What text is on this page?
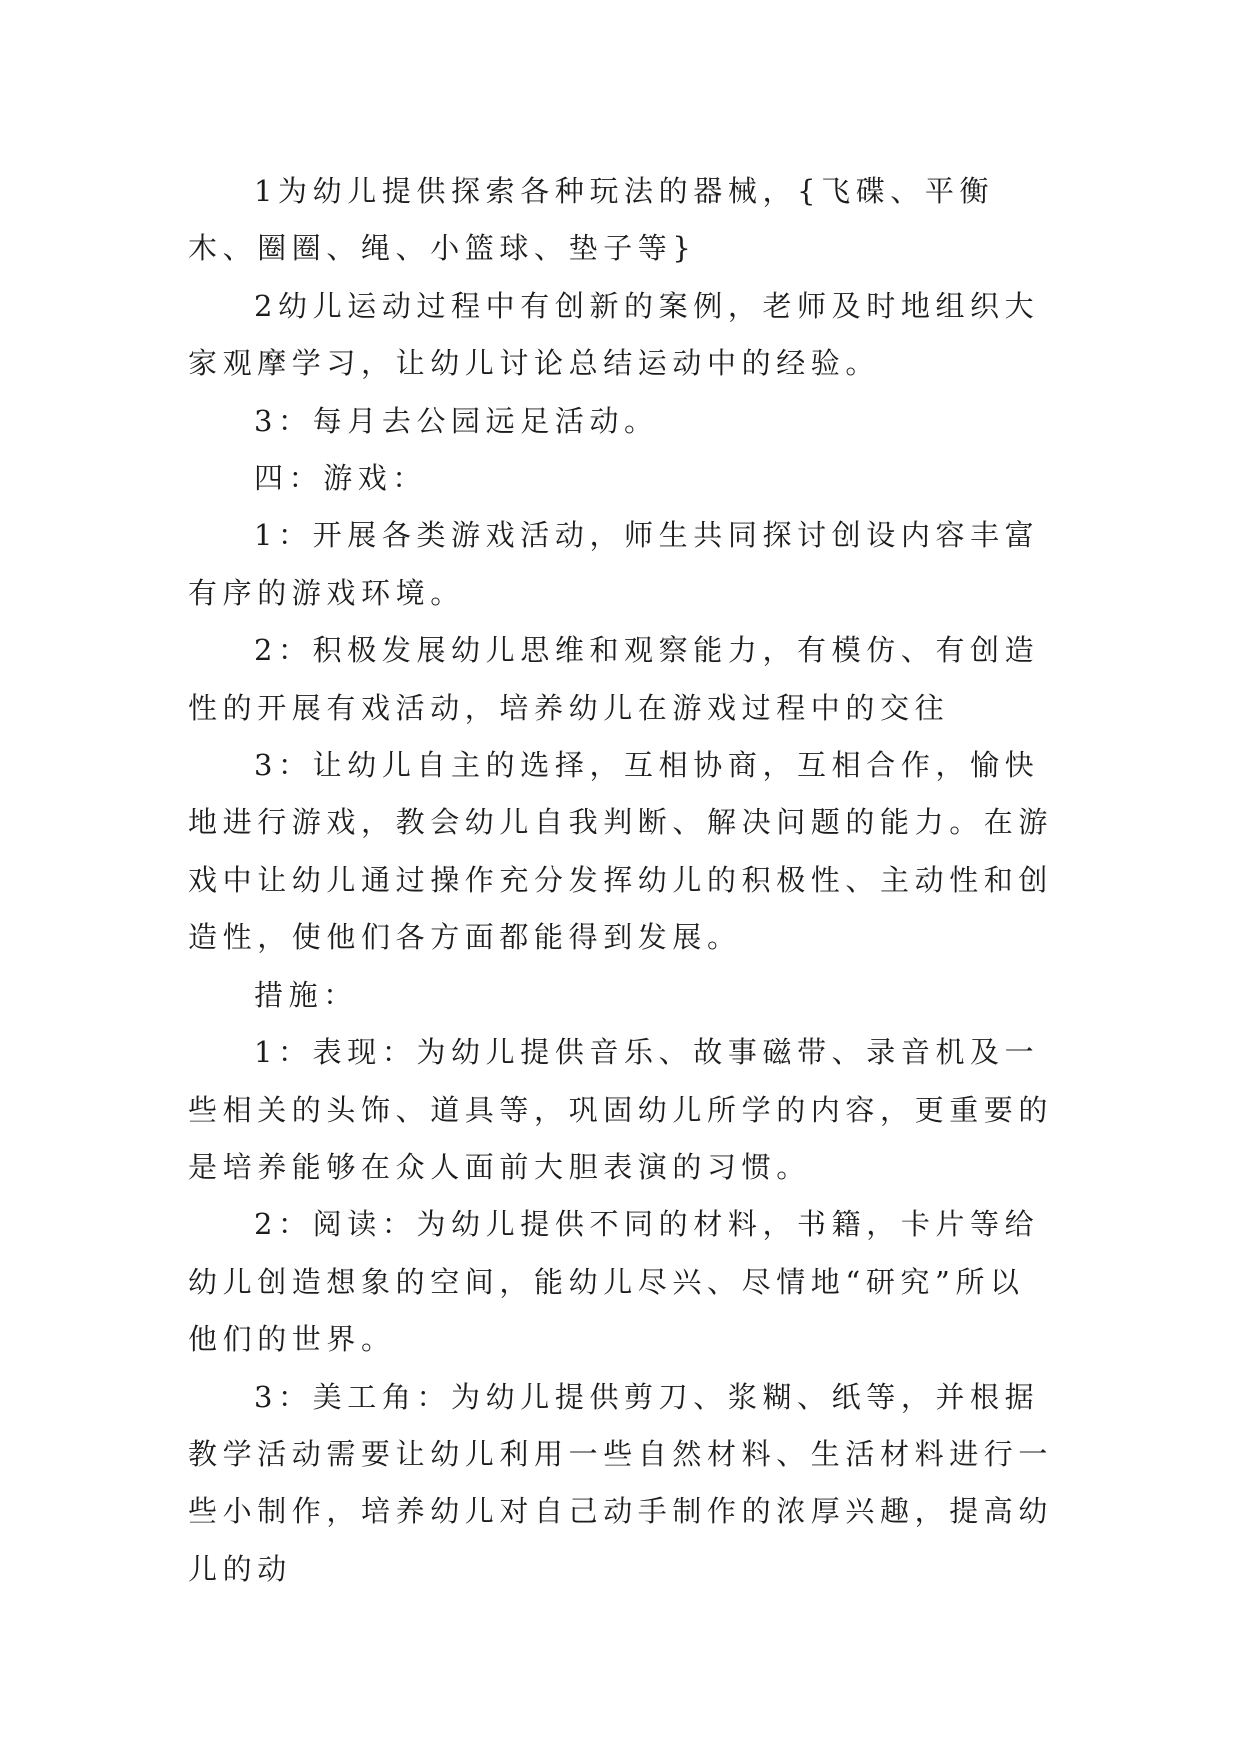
1为幼儿提供探索各种玩法的器械，{飞碟、平衡木、圈圈、绳、小篮球、垫子等}

2幼儿运动过程中有创新的案例，老师及时地组织大家观摩学习，让幼儿讨论总结运动中的经验。

3：每月去公园远足活动。

四：游戏：

1：开展各类游戏活动，师生共同探讨创设内容丰富有序的游戏环境。

2：积极发展幼儿思维和观察能力，有模仿、有创造性的开展有戏活动，培养幼儿在游戏过程中的交往

3：让幼儿自主的选择，互相协商，互相合作，愉快地进行游戏，教会幼儿自我判断、解决问题的能力。在游戏中让幼儿通过操作充分发挥幼儿的积极性、主动性和创造性，使他们各方面都能得到发展。

措施：

1：表现：为幼儿提供音乐、故事磁带、录音机及一些相关的头饰、道具等，巩固幼儿所学的内容，更重要的是培养能够在众人面前大胆表演的习惯。

2：阅读：为幼儿提供不同的材料，书籍，卡片等给幼儿创造想象的空间，能幼儿尽兴、尽情地“研究”所以他们的世界。

3：美工角：为幼儿提供剪刀、浆糊、纸等，并根据教学活动需要让幼儿利用一些自然材料、生活材料进行一些小制作，培养幼儿对自己动手制作的浓厚兴趣，提高幼儿的动
